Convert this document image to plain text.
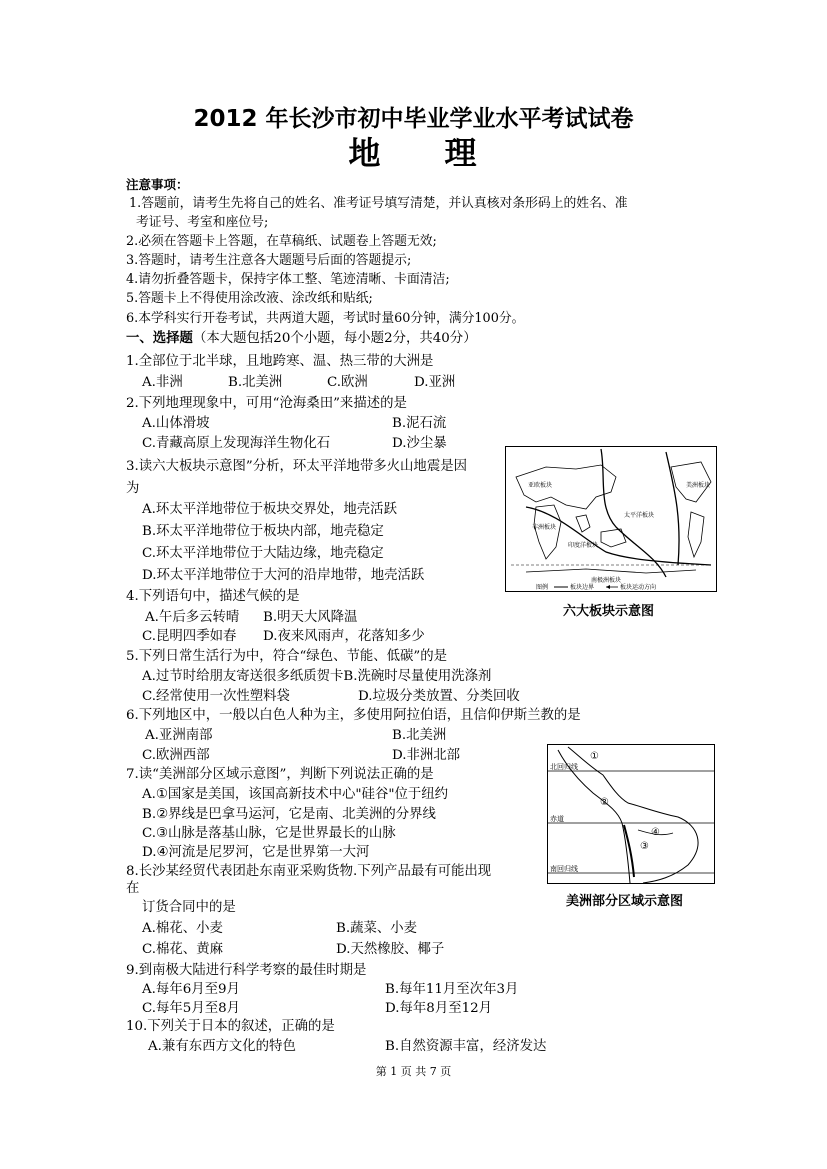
2012 年长沙市初中毕业学业水平考试试卷
地 理
注意事项：
1.答题前，请考生先将自己的姓名、准考证号填写清楚，并认真核对条形码上的姓名、准
考证号、考室和座位号;
2.必须在答题卡上答题，在草稿纸、试题卷上答题无效;
3.答题时，请考生注意各大题题号后面的答题提示;
4.请勿折叠答题卡，保持字体工整、笔迹清晰、卡面清洁;
5.答题卡上不得使用涂改液、涂改纸和贴纸;
6.本学科实行开卷考试，共两道大题，考试时量60分钟，满分100分。
一、选择题（本大题包括20个小题，每小题2分，共40分）
1.全部位于北半球，且地跨寒、温、热三带的大洲是
A.非洲	B.北美洲	C.欧洲	D.亚洲
2.下列地理现象中，可用“沧海桑田”来描述的是
A.山体滑坡	B.泥石流
C.青藏高原上发现海洋生物化石	D.沙尘暴
3.读六大板块示意图”分析，环太平洋地带多火山地震是因
为
A.环太平洋地带位于板块交界处，地壳活跃
B.环太平洋地带位于板块内部，地壳稳定
C.环太平洋地带位于大陆边缘，地壳稳定
D.环太平洋地带位于大河的沿岸地带，地壳活跃
亚欧板块
非洲板块
印度洋板块
太平洋板块
美洲板块
南极洲板块
图例	板块边界	板块运动方向
六大板块示意图
4.下列语句中，描述气候的是
A.午后多云转晴 B.明天大风降温
C.昆明四季如春 D.夜来风雨声，花落知多少
5.下列日常生活行为中，符合“绿色、节能、低碳”的是
A.过节时给朋友寄送很多纸质贺卡B.洗碗时尽量使用洗涤剂
C.经常使用一次性塑料袋	D.垃圾分类放置、分类回收
6.下列地区中，一般以白色人种为主，多使用阿拉伯语，且信仰伊斯兰教的是
A.亚洲南部	B.北美洲
C.欧洲西部	D.非洲北部
7.读“美洲部分区域示意图”，判断下列说法正确的是
A.①国家是美国，该国高新技术中心"硅谷"位于纽约
B.②界线是巴拿马运河，它是南、北美洲的分界线
C.③山脉是落基山脉，它是世界最长的山脉
D.④河流是尼罗河，它是世界第一大河
北回归线
赤道
南回归线
①
②
③
④
美洲部分区域示意图
8.长沙某经贸代表团赴东南亚采购货物.下列产品最有可能出现
在
订货合同中的是
A.棉花、小麦	B.蔬菜、小麦
C.棉花、黄麻	D.天然橡胶、椰子
9.到南极大陆进行科学考察的最佳时期是
A.每年6月至9月	B.每年11月至次年3月
C.每年5月至8月	D.每年8月至12月
10.下列关于日本的叙述，正确的是
A.兼有东西方文化的特色	B.自然资源丰富，经济发达
第 1 页 共 7 页
